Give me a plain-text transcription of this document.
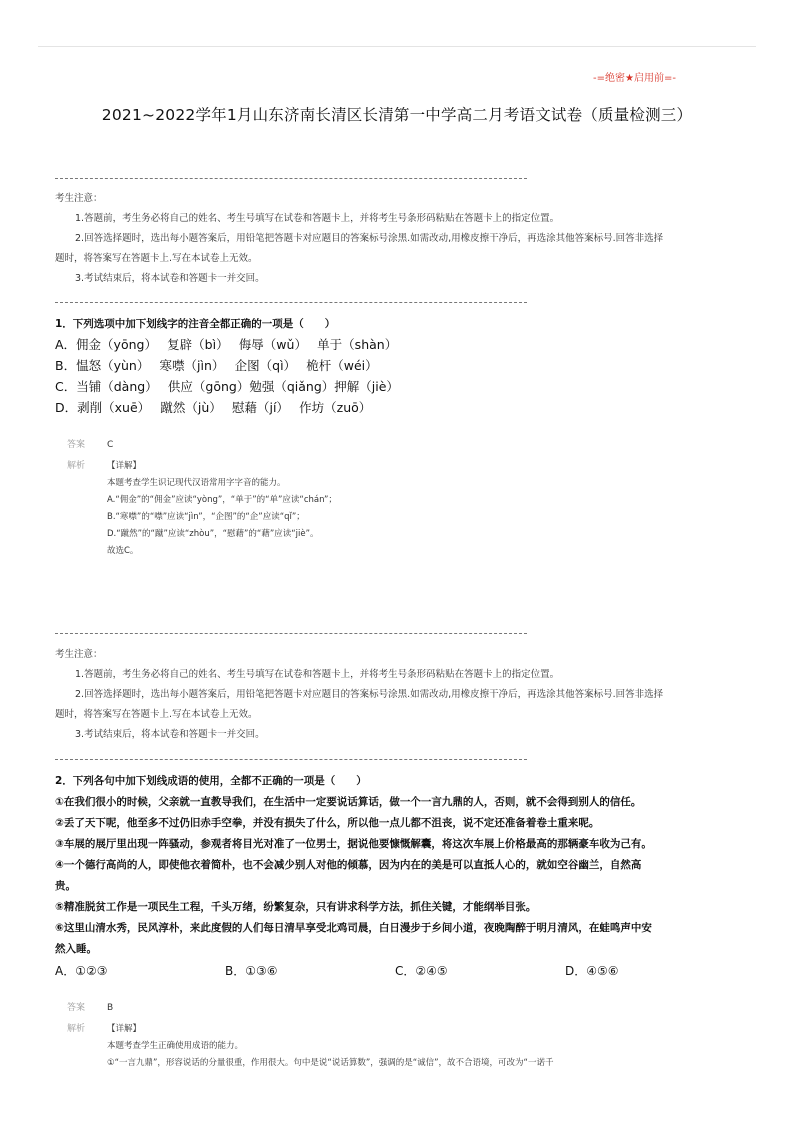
-=绝密★启用前=-
2021~2022学年1月山东济南长清区长清第一中学高二月考语文试卷（质量检测三）
考生注意：
1.答题前，考生务必将自己的姓名、考生号填写在试卷和答题卡上，并将考生号条形码粘贴在答题卡上的指定位置。
2.回答选择题时，选出每小题答案后，用铅笔把答题卡对应题目的答案标号涂黑.如需改动,用橡皮擦干净后，再选涂其他答案标号.回答非选择
题时，将答案写在答题卡上.写在本试卷上无效。
3.考试结束后，将本试卷和答题卡一并交回。
1．下列选项中加下划线字的注音全都正确的一项是（　　）
A．佣金（yōng）　 复辟（bì）　 侮辱（wǔ）　 单于（shàn）
B．愠怒（yùn）　 寒噤（jìn）　 企图（qì）　 桅杆（wéi）
C．当铺（dàng）　 供应（gōng）勉强（qiǎng）押解（jiè）
D．剥削（xuē）　 蹴然（jù）　 慰藉（jí）　 作坊（zuō）
答案 C
解析	【详解】
本题考查学生识记现代汉语常用字字音的能力。
A.“佣金”的“佣金”应读“yòng”，“单于”的“单”应读“chán”；
B.“寒噤”的“噤”应读“jìn”，“企图”的“企”应读“qǐ”；
D.“蹴然”的“蹴”应读“zhòu”，“慰藉”的“藉”应读“jiè”。
故选C。
考生注意：
1.答题前，考生务必将自己的姓名、考生号填写在试卷和答题卡上，并将考生号条形码粘贴在答题卡上的指定位置。
2.回答选择题时，选出每小题答案后，用铅笔把答题卡对应题目的答案标号涂黑.如需改动,用橡皮擦干净后，再选涂其他答案标号.回答非选择
题时，将答案写在答题卡上.写在本试卷上无效。
3.考试结束后，将本试卷和答题卡一并交回。
2．下列各句中加下划线成语的使用，全都不正确的一项是（　　）
①在我们很小的时候，父亲就一直教导我们，在生活中一定要说话算话，做一个一言九鼎的人，否则，就不会得到别人的信任。
②丢了天下呢，他至多不过仍旧赤手空拳，并没有损失了什么，所以他一点儿都不沮丧，说不定还准备着卷土重来呢。
③车展的展厅里出现一阵骚动，参观者将目光对准了一位男士，据说他要慷慨解囊，将这次车展上价格最高的那辆豪车收为己有。
④一个德行高尚的人，即使他衣着简朴，也不会减少别人对他的倾慕，因为内在的美是可以直抵人心的，就如空谷幽兰，自然高
贵。
⑤精准脱贫工作是一项民生工程，千头万绪，纷繁复杂，只有讲求科学方法，抓住关键，才能纲举目张。
⑥这里山清水秀，民风淳朴，来此度假的人们每日清早享受北鸡司晨，白日漫步于乡间小道，夜晚陶醉于明月清风，在蛙鸣声中安
然入睡。
A．①②③	B．①③⑥	C．②④⑤	D．④⑤⑥
答案 B
解析	【详解】
本题考查学生正确使用成语的能力。
①“一言九鼎”，形容说话的分量很重，作用很大。句中是说“说话算数”，强调的是“诚信”，故不合语境，可改为“一诺千
